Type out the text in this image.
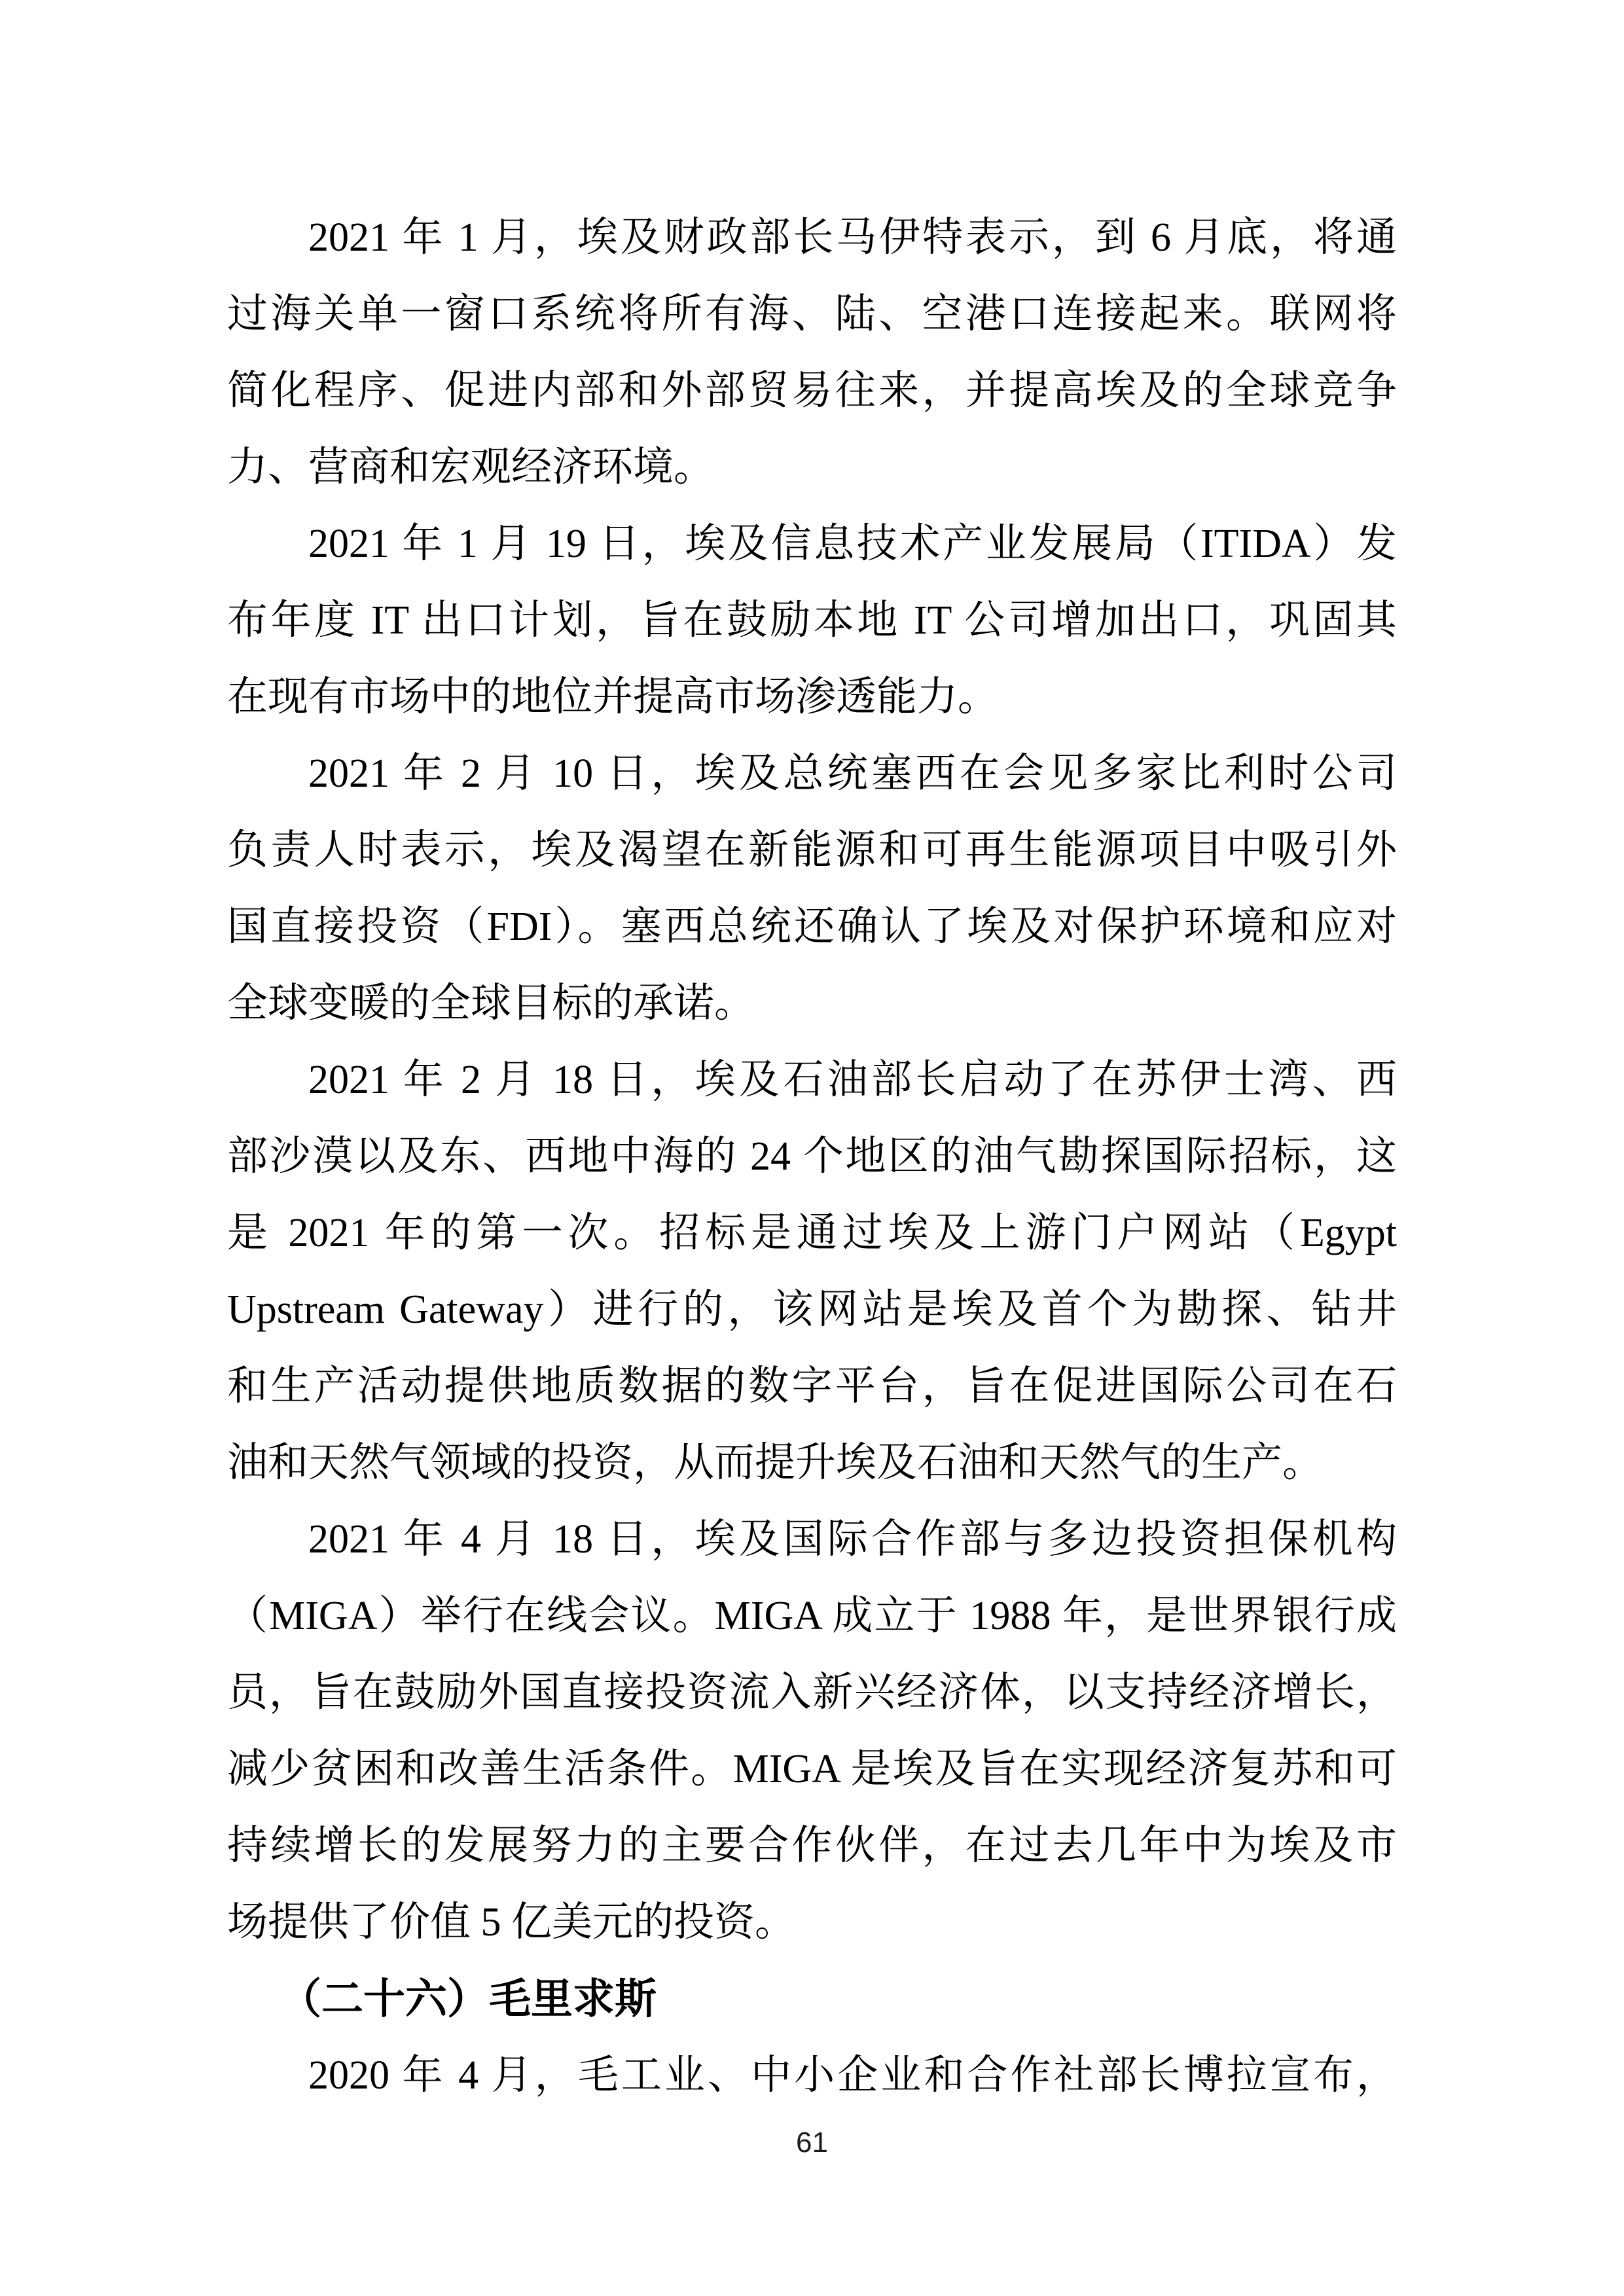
2021 年 1 月，埃及财政部长马伊特表示，到 6 月底，将通
过海关单一窗口系统将所有海、陆、空港口连接起来。联网将
简化程序、促进内部和外部贸易往来，并提高埃及的全球竞争
力、营商和宏观经济环境。
2021 年 1 月 19 日，埃及信息技术产业发展局（ITIDA）发
布年度 IT 出口计划，旨在鼓励本地 IT 公司增加出口，巩固其
在现有市场中的地位并提高市场渗透能力。
2021 年 2 月 10 日，埃及总统塞西在会见多家比利时公司
负责人时表示，埃及渴望在新能源和可再生能源项目中吸引外
国直接投资（FDI）。塞西总统还确认了埃及对保护环境和应对
全球变暖的全球目标的承诺。
2021 年 2 月 18 日，埃及石油部长启动了在苏伊士湾、西
部沙漠以及东、西地中海的 24 个地区的油气勘探国际招标，这
是 2021 年的第一次。招标是通过埃及上游门户网站（Egypt
Upstream Gateway）进行的，该网站是埃及首个为勘探、钻井
和生产活动提供地质数据的数字平台，旨在促进国际公司在石
油和天然气领域的投资，从而提升埃及石油和天然气的生产。
2021 年 4 月 18 日，埃及国际合作部与多边投资担保机构
（MIGA）举行在线会议。MIGA 成立于 1988 年，是世界银行成
员，旨在鼓励外国直接投资流入新兴经济体，以支持经济增长，
减少贫困和改善生活条件。MIGA 是埃及旨在实现经济复苏和可
持续增长的发展努力的主要合作伙伴，在过去几年中为埃及市
场提供了价值 5 亿美元的投资。
（二十六）毛里求斯
2020 年 4 月，毛工业、中小企业和合作社部长博拉宣布，
61
